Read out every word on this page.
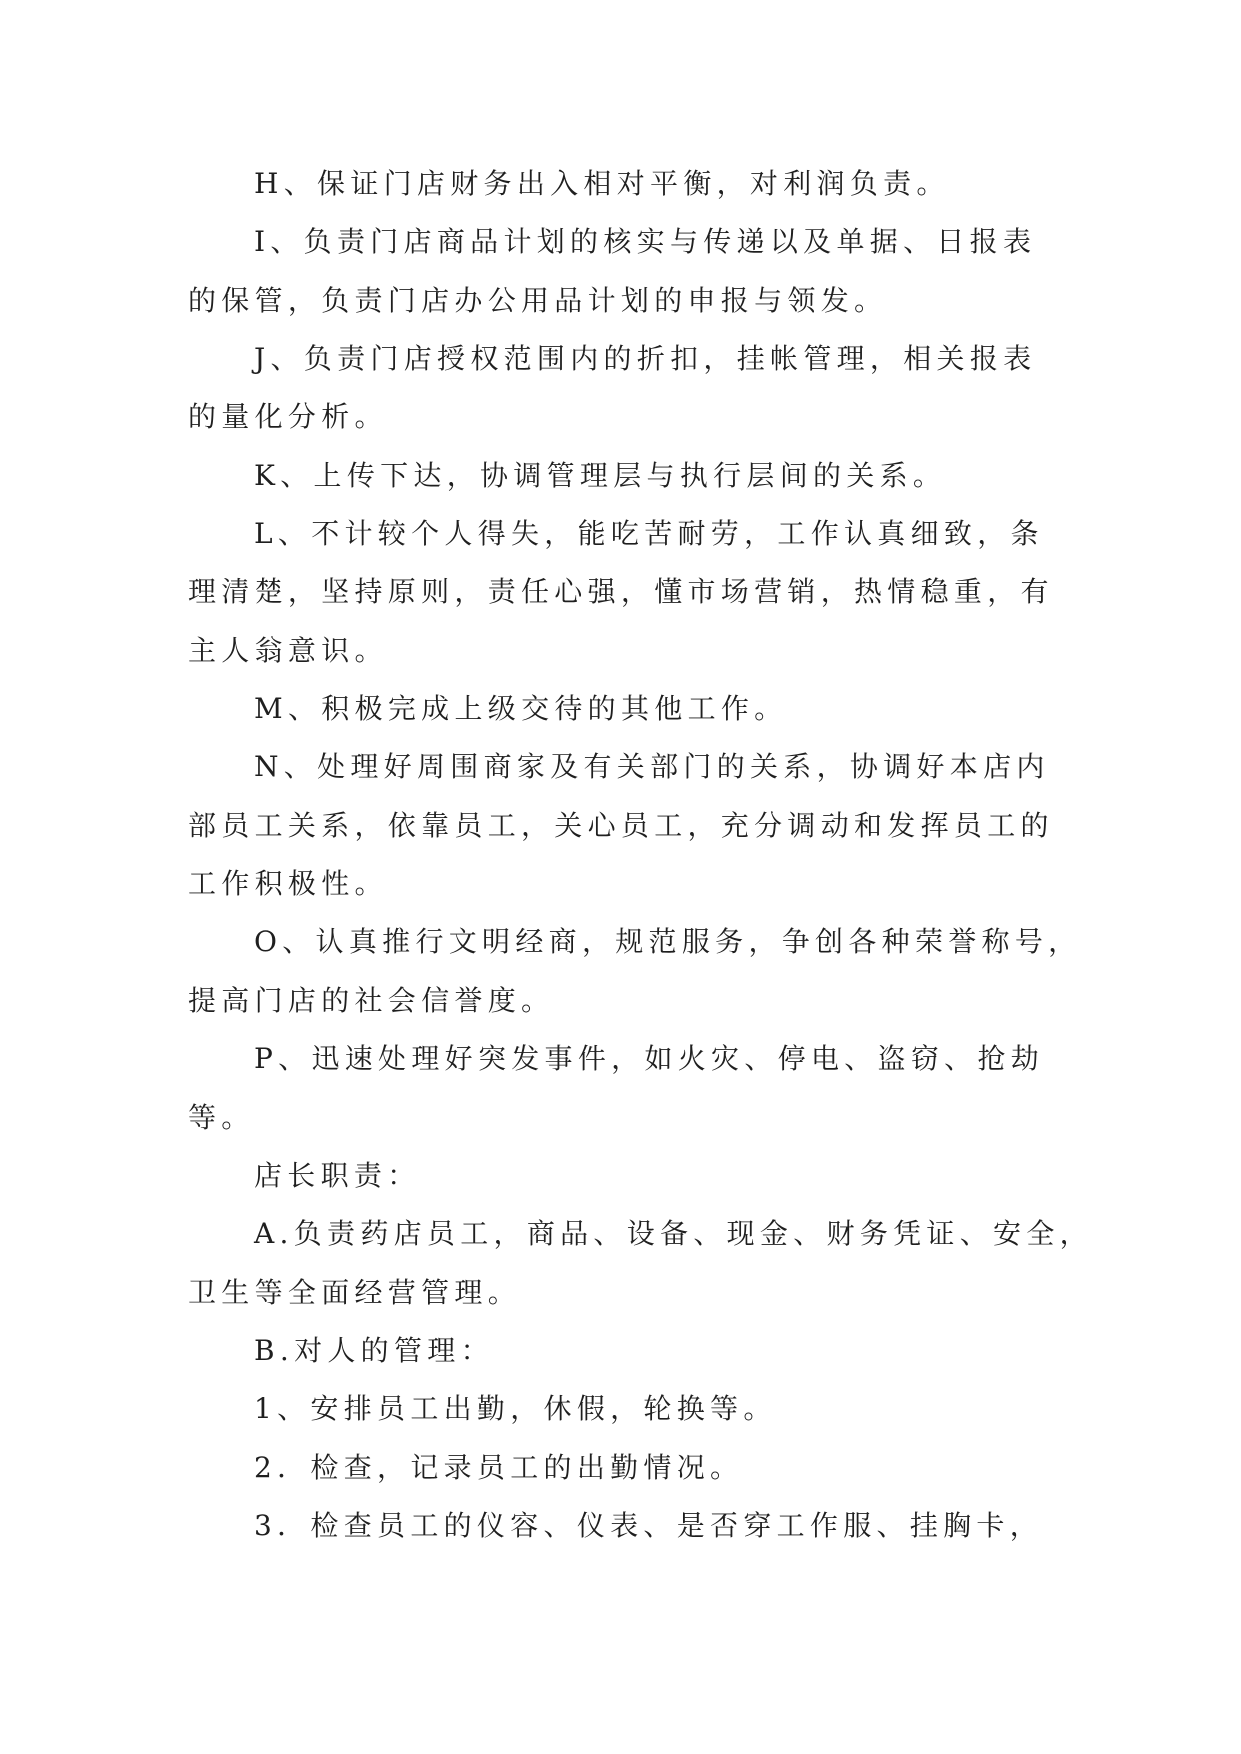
H、保证门店财务出入相对平衡，对利润负责。
I、负责门店商品计划的核实与传递以及单据、日报表
的保管，负责门店办公用品计划的申报与领发。
J、负责门店授权范围内的折扣，挂帐管理，相关报表
的量化分析。
K、上传下达，协调管理层与执行层间的关系。
L、不计较个人得失，能吃苦耐劳，工作认真细致，条
理清楚，坚持原则，责任心强，懂市场营销，热情稳重，有
主人翁意识。
M、积极完成上级交待的其他工作。
N、处理好周围商家及有关部门的关系，协调好本店内
部员工关系，依靠员工，关心员工，充分调动和发挥员工的
工作积极性。
O、认真推行文明经商，规范服务，争创各种荣誉称号，
提高门店的社会信誉度。
P、迅速处理好突发事件，如火灾、停电、盗窃、抢劫
等。
店长职责：
A.负责药店员工，商品、设备、现金、财务凭证、安全，
卫生等全面经营管理。
B.对人的管理：
1、安排员工出勤，休假，轮换等。
2．检查，记录员工的出勤情况。
3．检查员工的仪容、仪表、是否穿工作服、挂胸卡，
